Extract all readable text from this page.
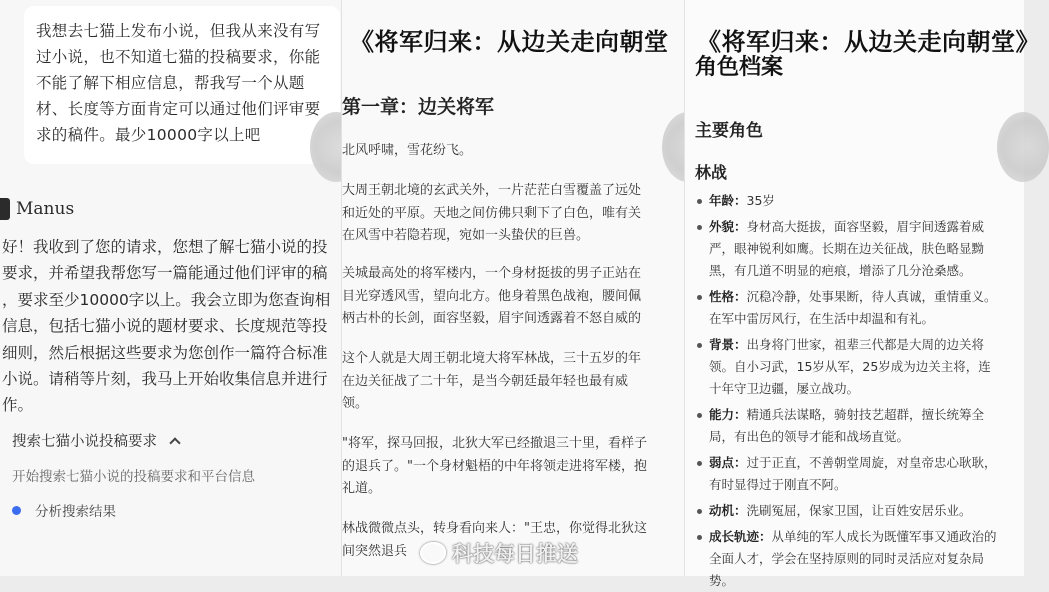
我想去七猫上发布小说，但我从来没有写过小说，也不知道七猫的投稿要求，你能不能了解下相应信息，帮我写一个从题材、长度等方面肯定可以通过他们评审要求的稿件。最少10000字以上吧
Manus
好！我收到了您的请求，您想了解七猫小说的投
要求，并希望我帮您写一篇能通过他们评审的稿
，要求至少10000字以上。我会立即为您查询相
信息，包括七猫小说的题材要求、长度规范等投
细则，然后根据这些要求为您创作一篇符合标准
小说。请稍等片刻，我马上开始收集信息并进行
作。
搜索七猫小说投稿要求
开始搜索七猫小说的投稿要求和平台信息
分析搜索结果
《将军归来：从边关走向朝堂
第一章：边关将军
北风呼啸，雪花纷飞。
大周王朝北境的玄武关外，一片茫茫白雪覆盖了远处
和近处的平原。天地之间仿佛只剩下了白色，唯有关
在风雪中若隐若现，宛如一头蛰伏的巨兽。
关城最高处的将军楼内，一个身材挺拔的男子正站在
目光穿透风雪，望向北方。他身着黑色战袍，腰间佩
柄古朴的长剑，面容坚毅，眉宇间透露着不怒自威的
这个人就是大周王朝北境大将军林战，三十五岁的年
在边关征战了二十年，是当今朝廷最年轻也最有威
领。
"将军，探马回报，北狄大军已经撤退三十里，看样子
的退兵了。"一个身材魁梧的中年将领走进将军楼，抱
礼道。
林战微微点头，转身看向来人："王忠，你觉得北狄这
间突然退兵
《将军归来：从边关走向朝堂》
角色档案
主要角色
林战
年龄：35岁
外貌：身材高大挺拔，面容坚毅，眉宇间透露着威
严，眼神锐利如鹰。长期在边关征战，肤色略显黝
黑，有几道不明显的疤痕，增添了几分沧桑感。
性格：沉稳冷静，处事果断，待人真诚，重情重义。
在军中雷厉风行，在生活中却温和有礼。
背景：出身将门世家，祖辈三代都是大周的边关将
领。自小习武，15岁从军，25岁成为边关主将，连
十年守卫边疆，屡立战功。
能力：精通兵法谋略，骑射技艺超群，擅长统筹全
局，有出色的领导才能和战场直觉。
弱点：过于正直，不善朝堂周旋，对皇帝忠心耿耿，
有时显得过于刚直不阿。
动机：洗刷冤屈，保家卫国，让百姓安居乐业。
成长轨迹：从单纯的军人成长为既懂军事又通政治的
全面人才，学会在坚持原则的同时灵活应对复杂局
势。
科技每日推送
